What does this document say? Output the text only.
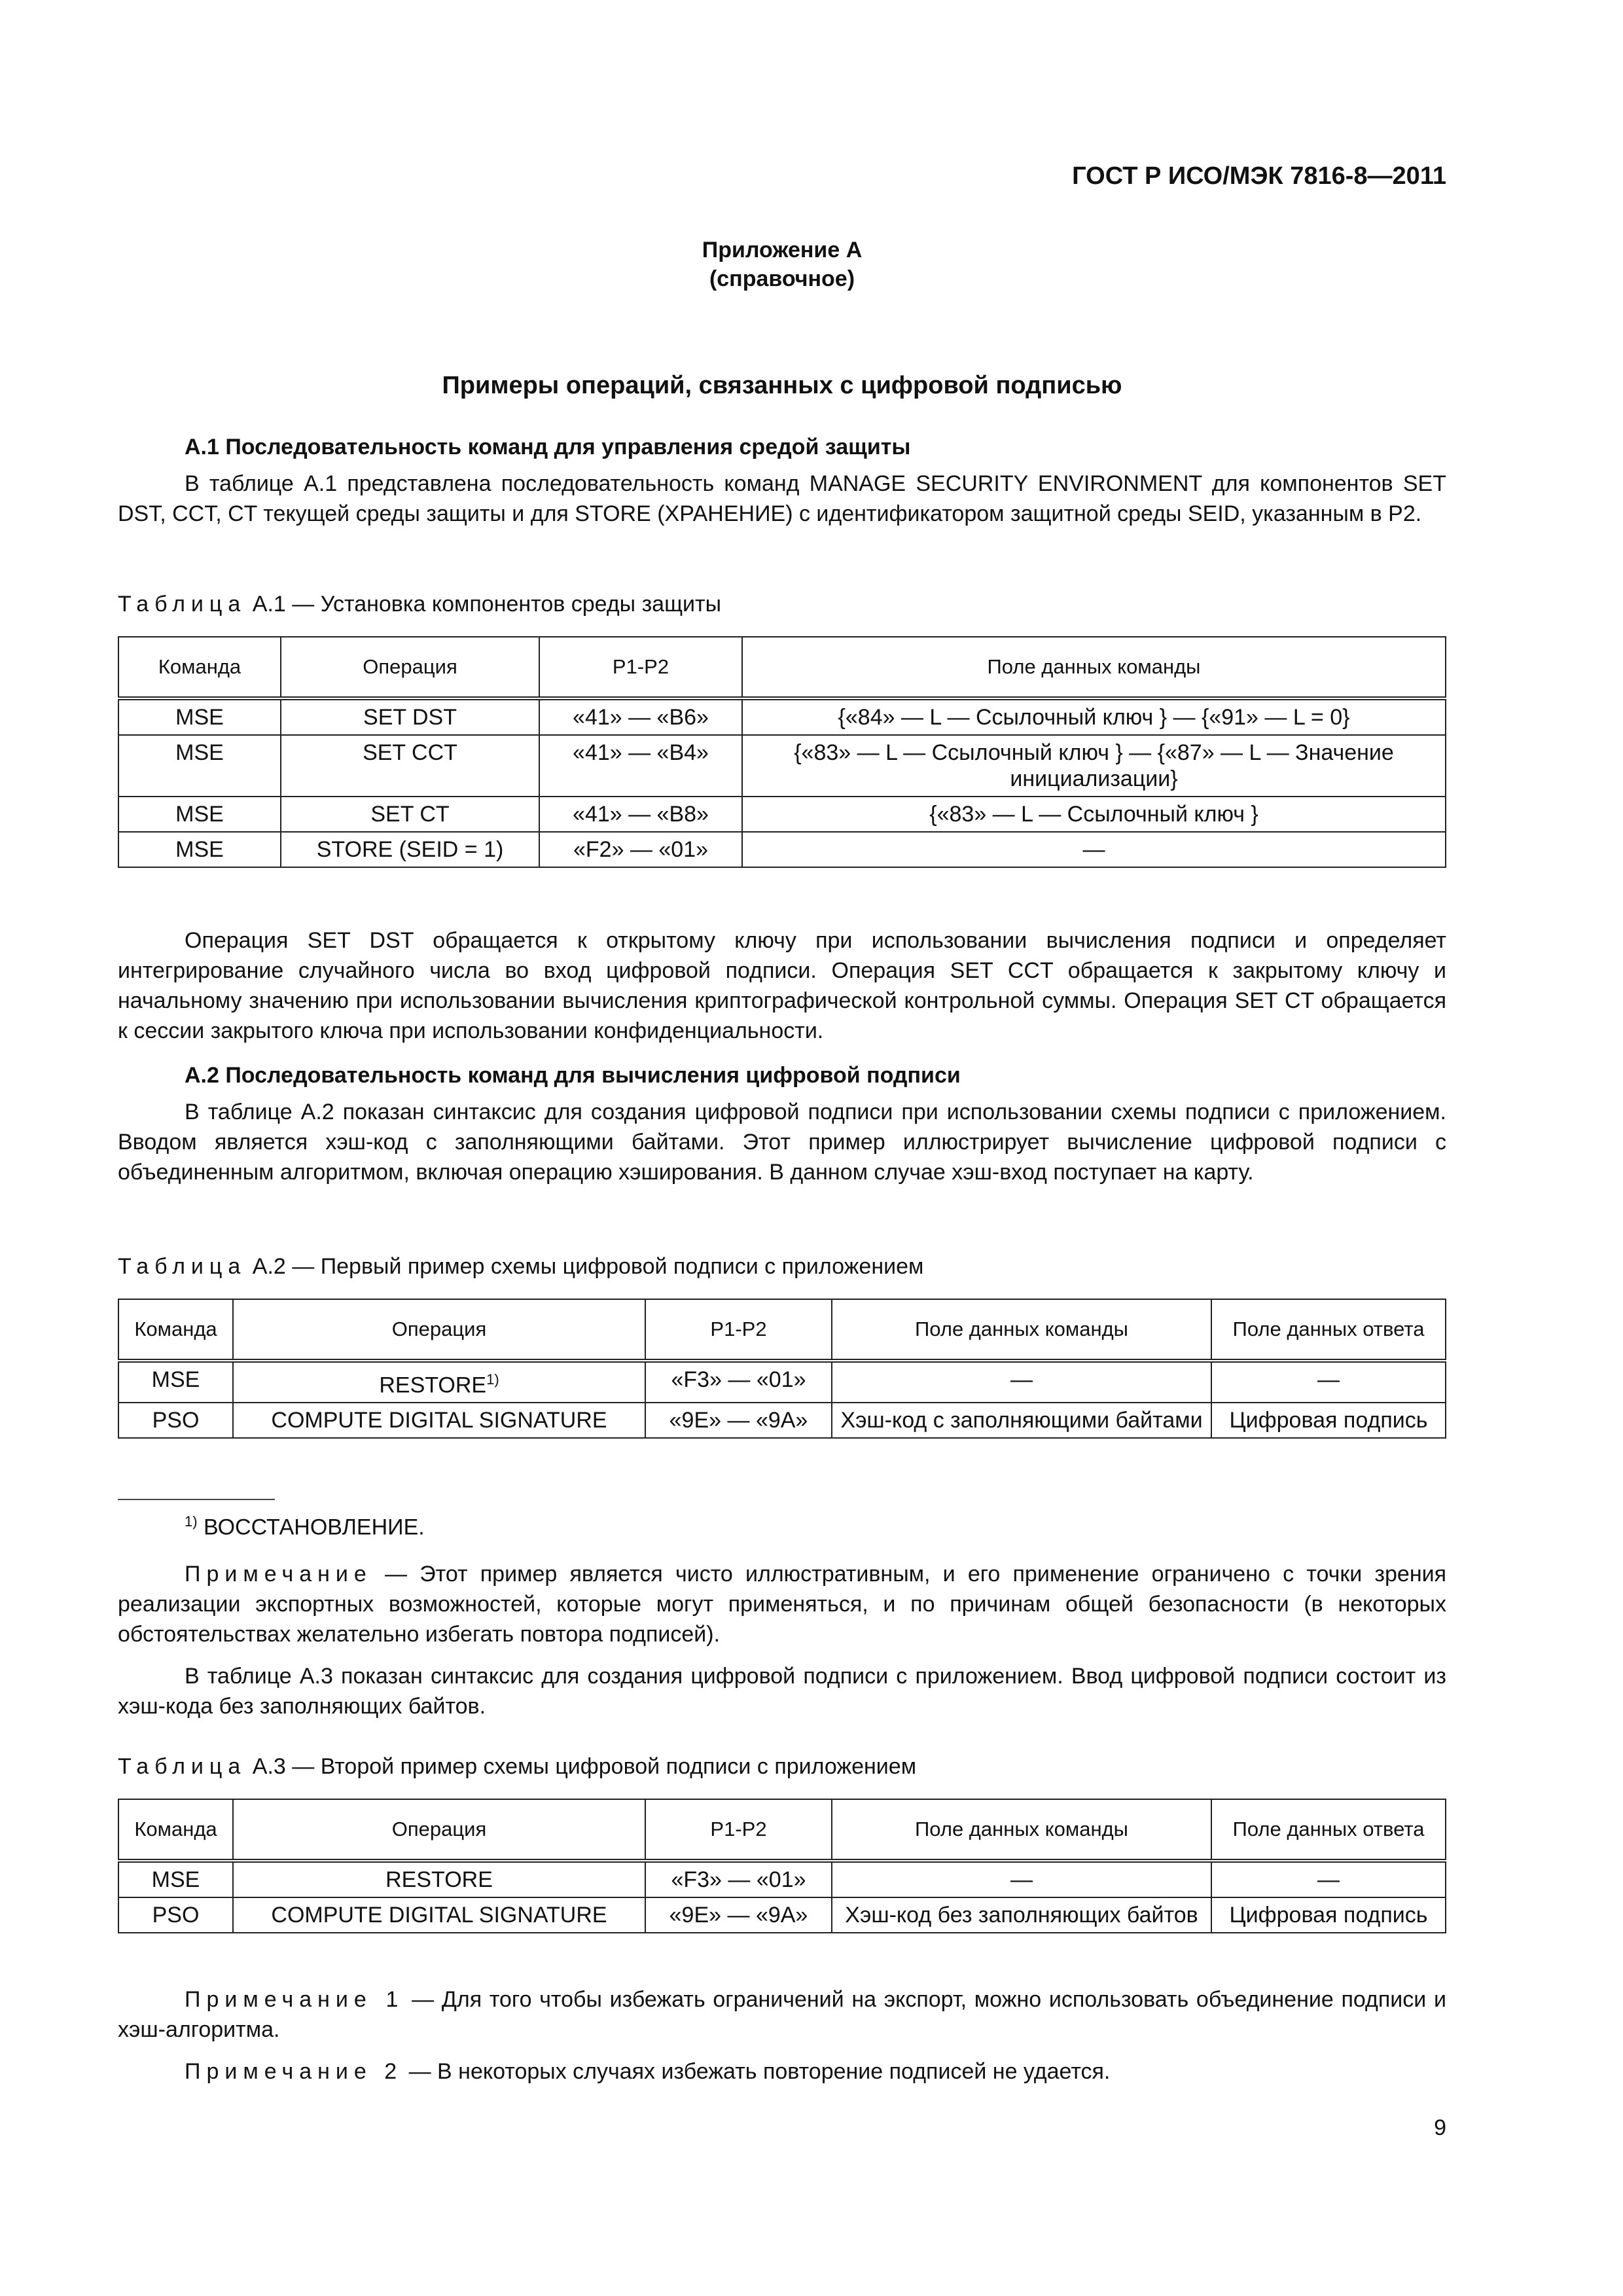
ГОСТ Р ИСО/МЭК 7816-8—2011
Приложение А
(справочное)
Примеры операций, связанных с цифровой подписью
А.1 Последовательность команд для управления средой защиты

В таблице А.1 представлена последовательность команд MANAGE SECURITY ENVIRONMENT для компонентов SET DST, CCT, CT текущей среды защиты и для STORE (ХРАНЕНИЕ) с идентификатором защитной среды SEID, указанным в Р2.

Таблица А.1 — Установка компонентов среды защиты
Команда	Операция	Р1-Р2	Поле данных команды
MSE	SET DST	«41» — «В6»	{«84» — L — Ссылочный ключ } — {«91» — L = 0}
MSE	SET CCT	«41» — «В4»	{«83» — L — Ссылочный ключ } — {«87» — L — Значение инициализации}
MSE	SET CT	«41» — «В8»	{«83» — L — Ссылочный ключ }
MSE	STORE (SEID = 1)	«F2» — «01»	—

Операция SET DST обращается к открытому ключу при использовании вычисления подписи и определяет интегрирование случайного числа во вход цифровой подписи. Операция SET CCT обращается к закрытому ключу и начальному значению при использовании вычисления криптографической контрольной суммы. Операция SET CT обращается к сессии закрытого ключа при использовании конфиденциальности.

А.2 Последовательность команд для вычисления цифровой подписи

В таблице А.2 показан синтаксис для создания цифровой подписи при использовании схемы подписи с приложением. Вводом является хэш-код с заполняющими байтами. Этот пример иллюстрирует вычисление цифровой подписи с объединенным алгоритмом, включая операцию хэширования. В данном случае хэш-вход поступает на карту.

Таблица А.2 — Первый пример схемы цифровой подписи с приложением
Команда	Операция	Р1-Р2	Поле данных команды	Поле данных ответа
MSE	RESTORE$^{1)}$	«F3» — «01»	—	—
PSO	COMPUTE DIGITAL SIGNATURE	«9E» — «9A»	Хэш-код с заполняющими байтами	Цифровая подпись
$^{1)}$ ВОССТАНОВЛЕНИЕ.

Примечание — Этот пример является чисто иллюстративным, и его применение ограничено с точки зрения реализации экспортных возможностей, которые могут применяться, и по причинам общей безопасности (в некоторых обстоятельствах желательно избегать повтора подписей).

В таблице А.3 показан синтаксис для создания цифровой подписи с приложением. Ввод цифровой подписи состоит из хэш-кода без заполняющих байтов.

Таблица А.3 — Второй пример схемы цифровой подписи с приложением
Команда	Операция	Р1-Р2	Поле данных команды	Поле данных ответа
MSE	RESTORE	«F3» — «01»	—	—
PSO	COMPUTE DIGITAL SIGNATURE	«9E» — «9A»	Хэш-код без заполняющих байтов	Цифровая подпись

Примечание 1 — Для того чтобы избежать ограничений на экспорт, можно использовать объединение подписи и хэш-алгоритма.

Примечание 2 — В некоторых случаях избежать повторение подписей не удается.

9
